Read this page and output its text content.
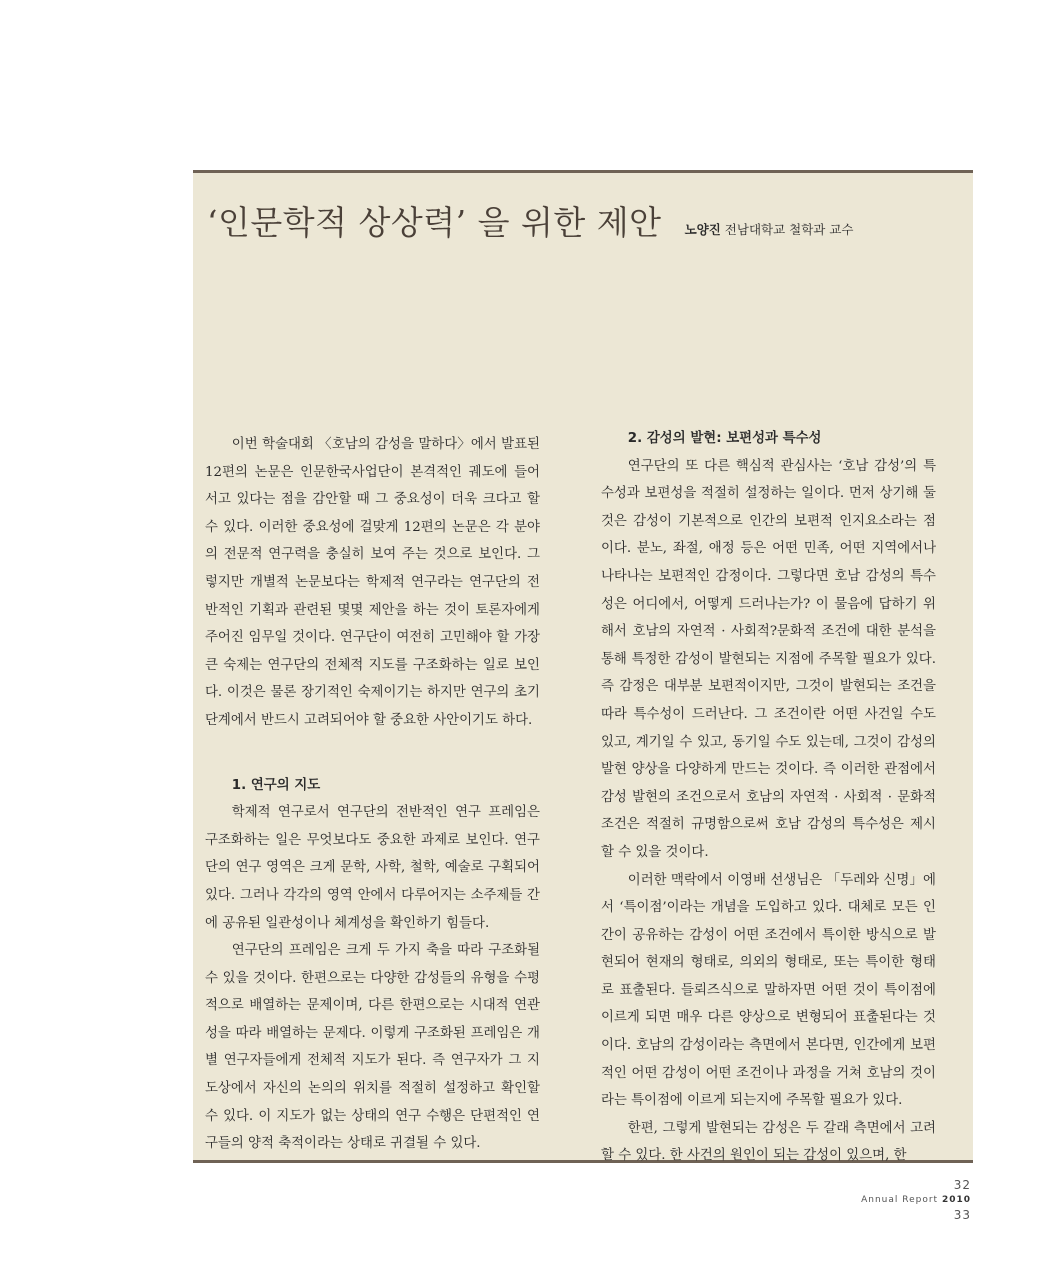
‘인문학적 상상력’ 을 위한 제안 노양진 전남대학교 철학과 교수

이번 학술대회 〈호남의 감성을 말하다〉에서 발표된 12편의 논문은 인문한국사업단이 본격적인 궤도에 들어서고 있다는 점을 감안할 때 그 중요성이 더욱 크다고 할 수 있다. 이러한 중요성에 걸맞게 12편의 논문은 각 분야의 전문적 연구력을 충실히 보여 주는 것으로 보인다. 그렇지만 개별적 논문보다는 학제적 연구라는 연구단의 전반적인 기획과 관련된 몇몇 제안을 하는 것이 토론자에게 주어진 임무일 것이다. 연구단이 여전히 고민해야 할 가장 큰 숙제는 연구단의 전체적 지도를 구조화하는 일로 보인다. 이것은 물론 장기적인 숙제이기는 하지만 연구의 초기 단계에서 반드시 고려되어야 할 중요한 사안이기도 하다.

1. 연구의 지도

학제적 연구로서 연구단의 전반적인 연구 프레임은 구조화하는 일은 무엇보다도 중요한 과제로 보인다. 연구단의 연구 영역은 크게 문학, 사학, 철학, 예술로 구획되어 있다. 그러나 각각의 영역 안에서 다루어지는 소주제들 간에 공유된 일관성이나 체계성을 확인하기 힘들다.

연구단의 프레임은 크게 두 가지 축을 따라 구조화될 수 있을 것이다. 한편으로는 다양한 감성들의 유형을 수평적으로 배열하는 문제이며, 다른 한편으로는 시대적 연관성을 따라 배열하는 문제다. 이렇게 구조화된 프레임은 개별 연구자들에게 전체적 지도가 된다. 즉 연구자가 그 지도상에서 자신의 논의의 위치를 적절히 설정하고 확인할 수 있다. 이 지도가 없는 상태의 연구 수행은 단편적인 연구들의 양적 축적이라는 상태로 귀결될 수 있다.

2. 감성의 발현: 보편성과 특수성

연구단의 또 다른 핵심적 관심사는 ‘호남 감성’의 특수성과 보편성을 적절히 설정하는 일이다. 먼저 상기해 둘 것은 감성이 기본적으로 인간의 보편적 인지요소라는 점이다. 분노, 좌절, 애정 등은 어떤 민족, 어떤 지역에서나 나타나는 보편적인 감정이다. 그렇다면 호남 감성의 특수성은 어디에서, 어떻게 드러나는가? 이 물음에 답하기 위해서 호남의 자연적 · 사회적?문화적 조건에 대한 분석을 통해 특정한 감성이 발현되는 지점에 주목할 필요가 있다. 즉 감정은 대부분 보편적이지만, 그것이 발현되는 조건을 따라 특수성이 드러난다. 그 조건이란 어떤 사건일 수도 있고, 계기일 수 있고, 동기일 수도 있는데, 그것이 감성의 발현 양상을 다양하게 만드는 것이다. 즉 이러한 관점에서 감성 발현의 조건으로서 호남의 자연적 · 사회적 · 문화적 조건은 적절히 규명함으로써 호남 감성의 특수성은 제시할 수 있을 것이다.

이러한 맥락에서 이영배 선생님은 「두레와 신명」에서 ‘특이점’이라는 개념을 도입하고 있다. 대체로 모든 인간이 공유하는 감성이 어떤 조건에서 특이한 방식으로 발현되어 현재의 형태로, 의외의 형태로, 또는 특이한 형태로 표출된다. 들뢰즈식으로 말하자면 어떤 것이 특이점에 이르게 되면 매우 다른 양상으로 변형되어 표출된다는 것이다. 호남의 감성이라는 측면에서 본다면, 인간에게 보편적인 어떤 감성이 어떤 조건이나 과정을 거쳐 호남의 것이라는 특이점에 이르게 되는지에 주목할 필요가 있다.

한편, 그렇게 발현되는 감성은 두 갈래 측면에서 고려할 수 있다. 한 사건의 원인이 되는 감성이 있으며, 한

32
Annual Report 2010
33
